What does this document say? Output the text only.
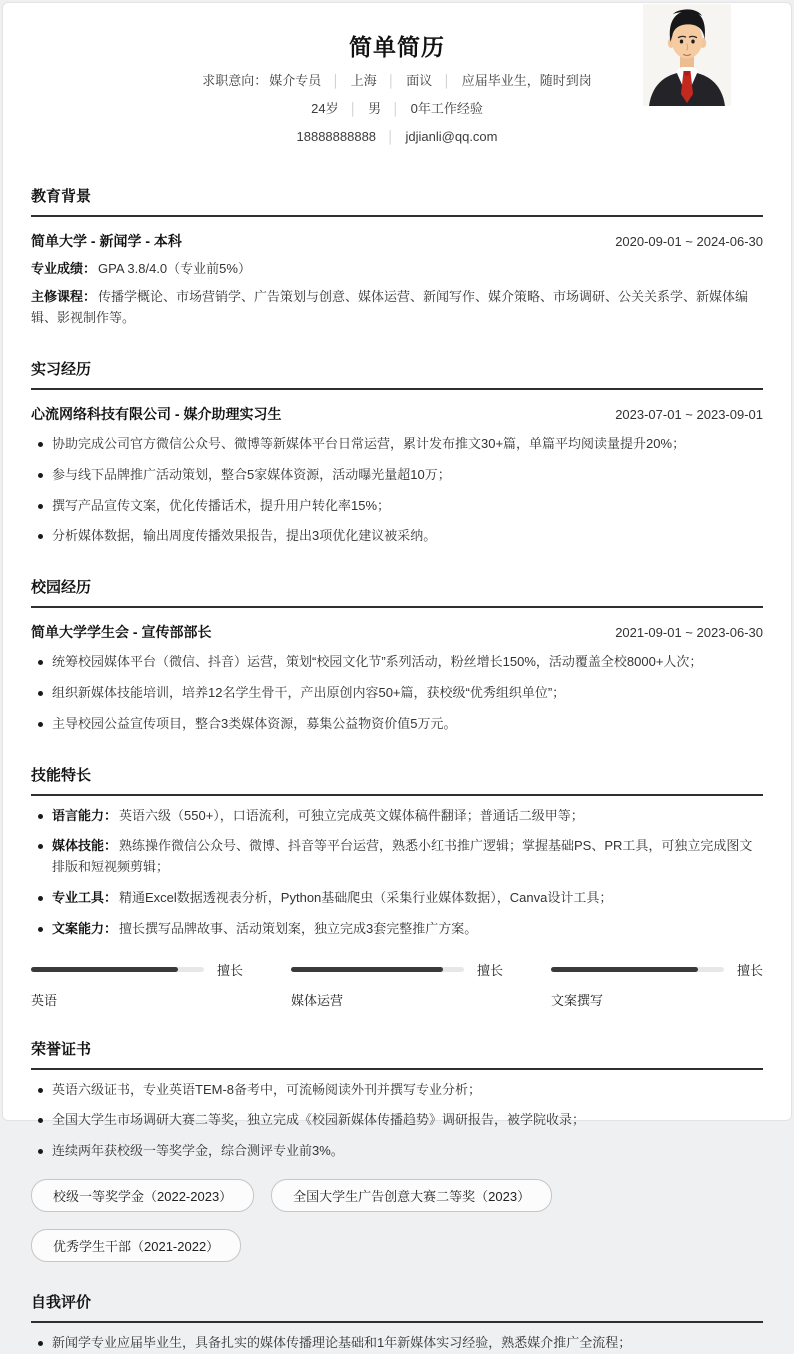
简单简历
求职意向： 媒介专员 │ 上海 │ 面议 │ 应届毕业生，随时到岗
24岁 │ 男 │ 0年工作经验
18888888888 │ jdjianli@qq.com
教育背景
简单大学 - 新闻学 - 本科	2020-09-01 ~ 2024-06-30
专业成绩： GPA 3.8/4.0（专业前5%）
主修课程： 传播学概论、市场营销学、广告策划与创意、媒体运营、新闻写作、媒介策略、市场调研、公关关系学、新媒体编辑、影视制作等。
实习经历
心流网络科技有限公司 - 媒介助理实习生	2023-07-01 ~ 2023-09-01
协助完成公司官方微信公众号、微博等新媒体平台日常运营，累计发布推文30+篇，单篇平均阅读量提升20%；
参与线下品牌推广活动策划，整合5家媒体资源，活动曝光量超10万；
撰写产品宣传文案，优化传播话术，提升用户转化率15%；
分析媒体数据，输出周度传播效果报告，提出3项优化建议被采纳。
校园经历
简单大学学生会 - 宣传部部长	2021-09-01 ~ 2023-06-30
统筹校园媒体平台（微信、抖音）运营，策划“校园文化节”系列活动，粉丝增长150%，活动覆盖全校8000+人次；
组织新媒体技能培训，培养12名学生骨干，产出原创内容50+篇，获校级“优秀组织单位”；
主导校园公益宣传项目，整合3类媒体资源，募集公益物资价值5万元。
技能特长
语言能力： 英语六级（550+），口语流利，可独立完成英文媒体稿件翻译；普通话二级甲等；
媒体技能： 熟练操作微信公众号、微博、抖音等平台运营，熟悉小红书推广逻辑；掌握基础PS、PR工具，可独立完成图文排版和短视频剪辑；
专业工具： 精通Excel数据透视表分析，Python基础爬虫（采集行业媒体数据），Canva设计工具；
文案能力： 擅长撰写品牌故事、活动策划案，独立完成3套完整推广方案。
擅长
英语
擅长
媒体运营
擅长
文案撰写
荣誉证书
英语六级证书，专业英语TEM-8备考中，可流畅阅读外刊并撰写专业分析；
全国大学生市场调研大赛二等奖，独立完成《校园新媒体传播趋势》调研报告，被学院收录；
连续两年获校级一等奖学金，综合测评专业前3%。
校级一等奖学金（2022-2023）	全国大学生广告创意大赛二等奖（2023）
优秀学生干部（2021-2022）
自我评价
新闻学专业应届毕业生，具备扎实的媒体传播理论基础和1年新媒体实习经验，熟悉媒介推广全流程；
